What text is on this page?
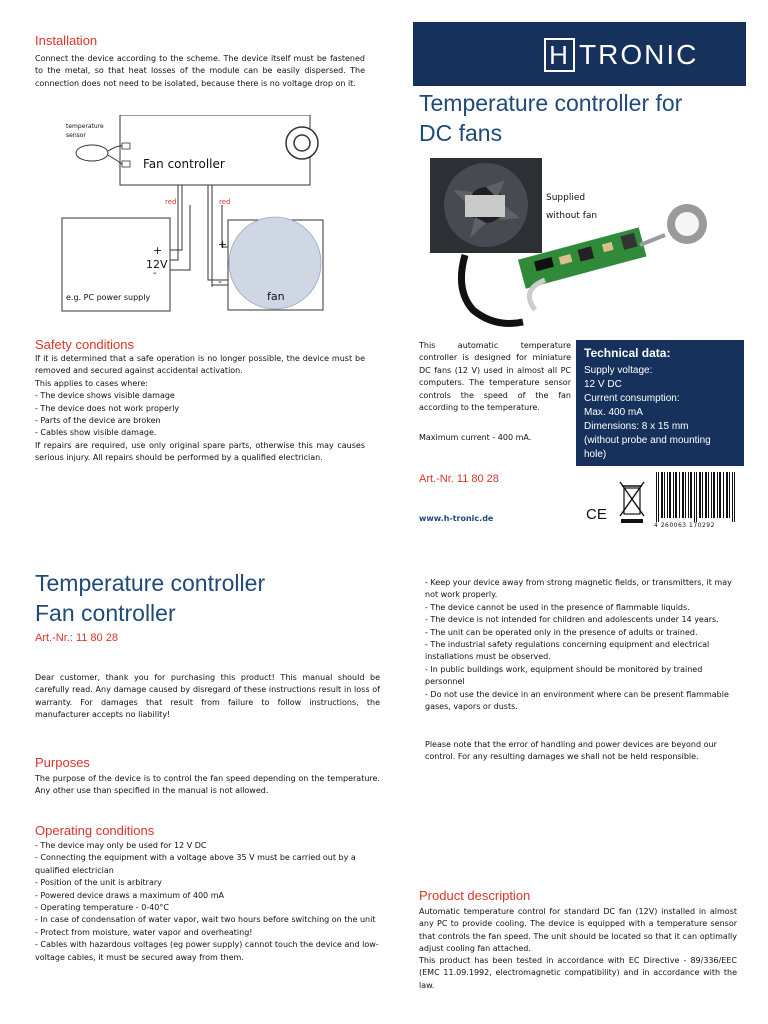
Installation
Connect the device according to the scheme. The device itself must be fastened to the metal, so that heat losses of the module can be easily dispersed. The connection does not need to be isolated, because there is no voltage drop on it.
temperature
sensor
Fan controller
red	red
+
12V
-
+
-
e.g. PC power supply	fan
Safety conditions

If it is determined that a safe operation is no longer possible, the device must be removed and secured against accidental activation.

This applies to cases where:

- The device shows visible damage

- The device does not work properly

- Parts of the device are broken

- Cables show visible damage.

If repairs are required, use only original spare parts, otherwise this may causes serious injury. All repairs should be performed by a qualified electrician.

H TRONIC
Temperature controller for
DC fans
Supplied
without fan
This automatic temperature controller is designed for miniature DC fans (12 V) used in almost all PC computers. The temperature sensor controls the speed of the fan according to the temperature.
Maximum current - 400 mA.
Technical data:
Supply voltage:
12 V DC
Current consumption:
Max. 400 mA
Dimensions: 8 x 15 mm
(without probe and mounting
hole)
Art.-Nr. 11 80 28
www.h-tronic.de	CE
4 260063 170292
Temperature controller
Fan controller
Art.-Nr.: 11 80 28
Dear customer, thank you for purchasing this product! This manual should be carefully read. Any damage caused by disregard of these instructions result in loss of warranty. For damages that result from failure to follow instructions, the manufacturer accepts no liability!
Purposes
The purpose of the device is to control the fan speed depending on the temperature. Any other use than specified in the manual is not allowed.
Operating conditions

- The device may only be used for 12 V DC

- Connecting the equipment with a voltage above 35 V must be carried out by a qualified electrician

- Position of the unit is arbitrary

- Powered device draws a maximum of 400 mA

- Operating temperature - 0-40°C

- In case of condensation of water vapor, wait two hours before switching on the unit

- Protect from moisture, water vapor and overheating!

- Cables with hazardous voltages (eg power supply) cannot touch the device and low-voltage cables, it must be secured away from them.

- Keep your device away from strong magnetic fields, or transmitters, it may not work properly.

- The device cannot be used in the presence of flammable liquids.

- The device is not intended for children and adolescents under 14 years.

- The unit can be operated only in the presence of adults or trained.

- The industrial safety regulations concerning equipment and electrical installations must be observed.

- In public buildings work, equipment should be monitored by trained personnel

- Do not use the device in an environment where can be present flammable gases, vapors or dusts.

Please note that the error of handling and power devices are beyond our control. For any resulting damages we shall not be held responsible.
Product description
Automatic temperature control for standard DC fan (12V) installed in almost any PC to provide cooling. The device is equipped with a temperature sensor that controls the fan speed. The unit should be located so that it can optimally adjust cooling fan attached.
This product has been tested in accordance with EC Directive - 89/336/EEC (EMC 11.09.1992, electromagnetic compatibility) and in accordance with the law.
